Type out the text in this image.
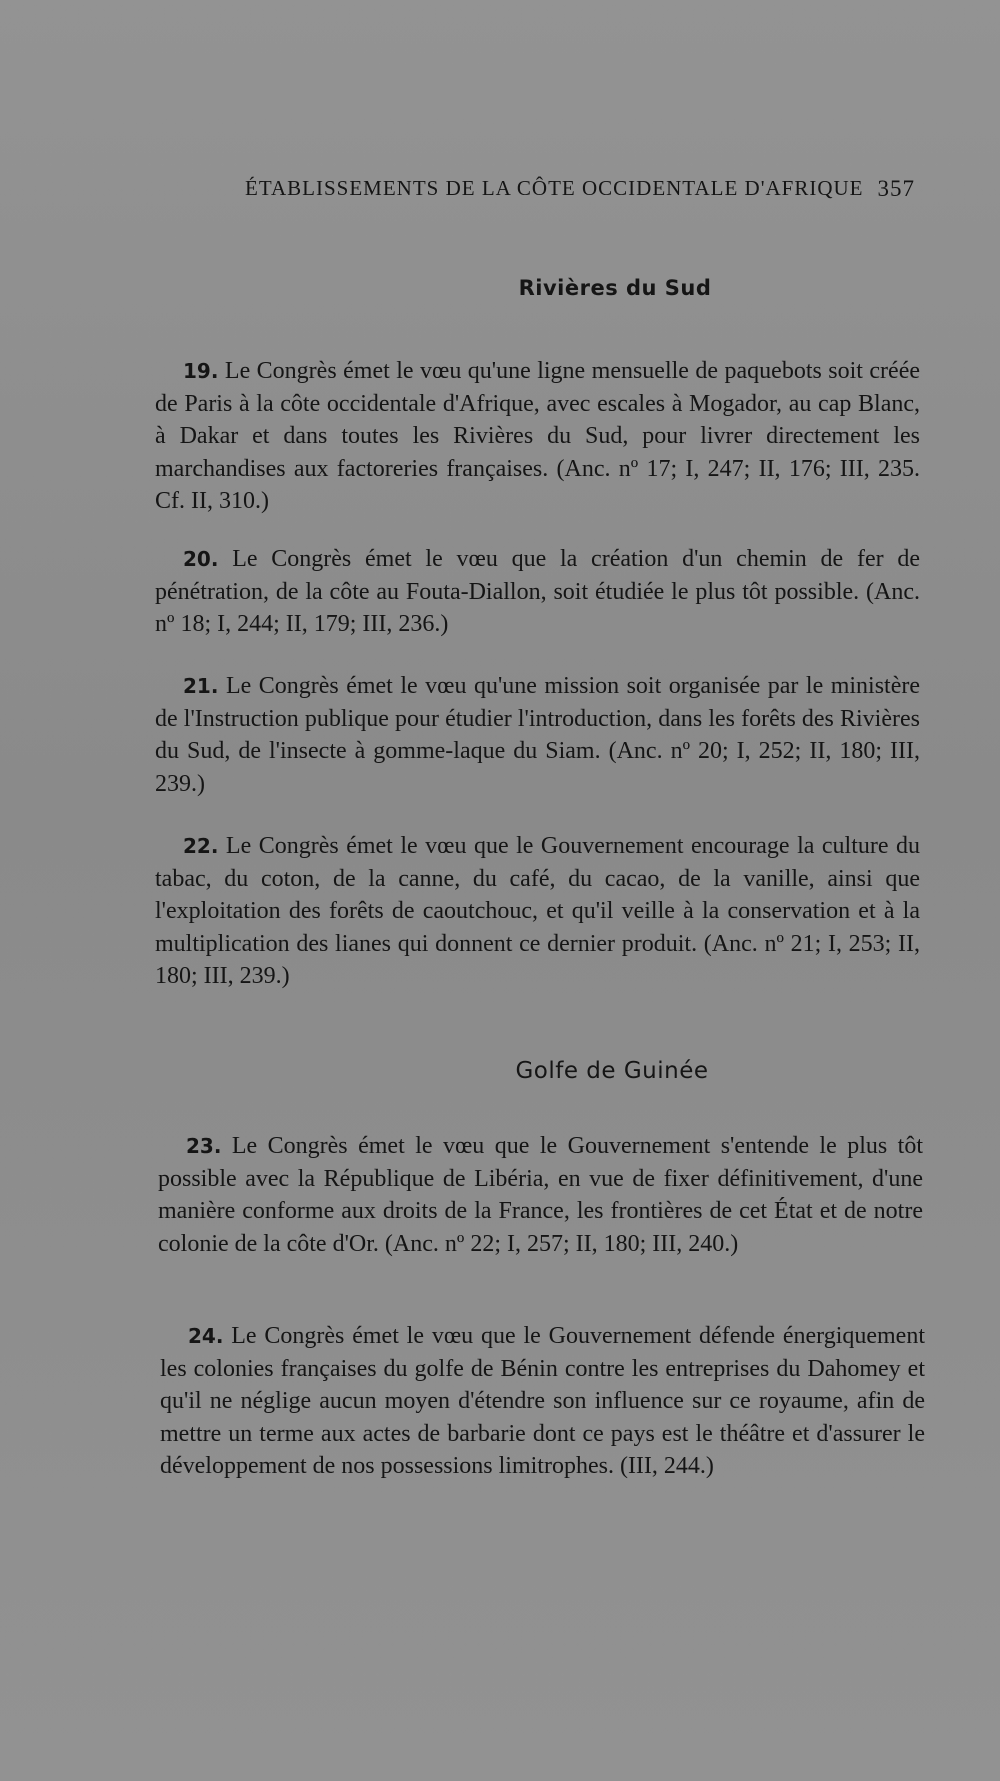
ÉTABLISSEMENTS DE LA CÔTE OCCIDENTALE D'AFRIQUE 357
Rivières du Sud
19. Le Congrès émet le vœu qu'une ligne mensuelle de paquebots soit créée de Paris à la côte occidentale d'Afrique, avec escales à Mogador, au cap Blanc, à Dakar et dans toutes les Rivières du Sud, pour livrer directement les marchandises aux factoreries françaises. (Anc. nº 17; I, 247; II, 176; III, 235. Cf. II, 310.)
20. Le Congrès émet le vœu que la création d'un chemin de fer de pénétration, de la côte au Fouta-Diallon, soit étudiée le plus tôt possible. (Anc. nº 18; I, 244; II, 179; III, 236.)
21. Le Congrès émet le vœu qu'une mission soit organisée par le ministère de l'Instruction publique pour étudier l'introduction, dans les forêts des Rivières du Sud, de l'insecte à gomme-laque du Siam. (Anc. nº 20; I, 252; II, 180; III, 239.)
22. Le Congrès émet le vœu que le Gouvernement encourage la culture du tabac, du coton, de la canne, du café, du cacao, de la vanille, ainsi que l'exploitation des forêts de caoutchouc, et qu'il veille à la conservation et à la multiplication des lianes qui donnent ce dernier produit. (Anc. nº 21; I, 253; II, 180; III, 239.)
Golfe de Guinée
23. Le Congrès émet le vœu que le Gouvernement s'entende le plus tôt possible avec la République de Libéria, en vue de fixer définitivement, d'une manière conforme aux droits de la France, les frontières de cet État et de notre colonie de la côte d'Or. (Anc. nº 22; I, 257; II, 180; III, 240.)
24. Le Congrès émet le vœu que le Gouvernement défende énergiquement les colonies françaises du golfe de Bénin contre les entreprises du Dahomey et qu'il ne néglige aucun moyen d'étendre son influence sur ce royaume, afin de mettre un terme aux actes de barbarie dont ce pays est le théâtre et d'assurer le développement de nos possessions limitrophes. (III, 244.)
